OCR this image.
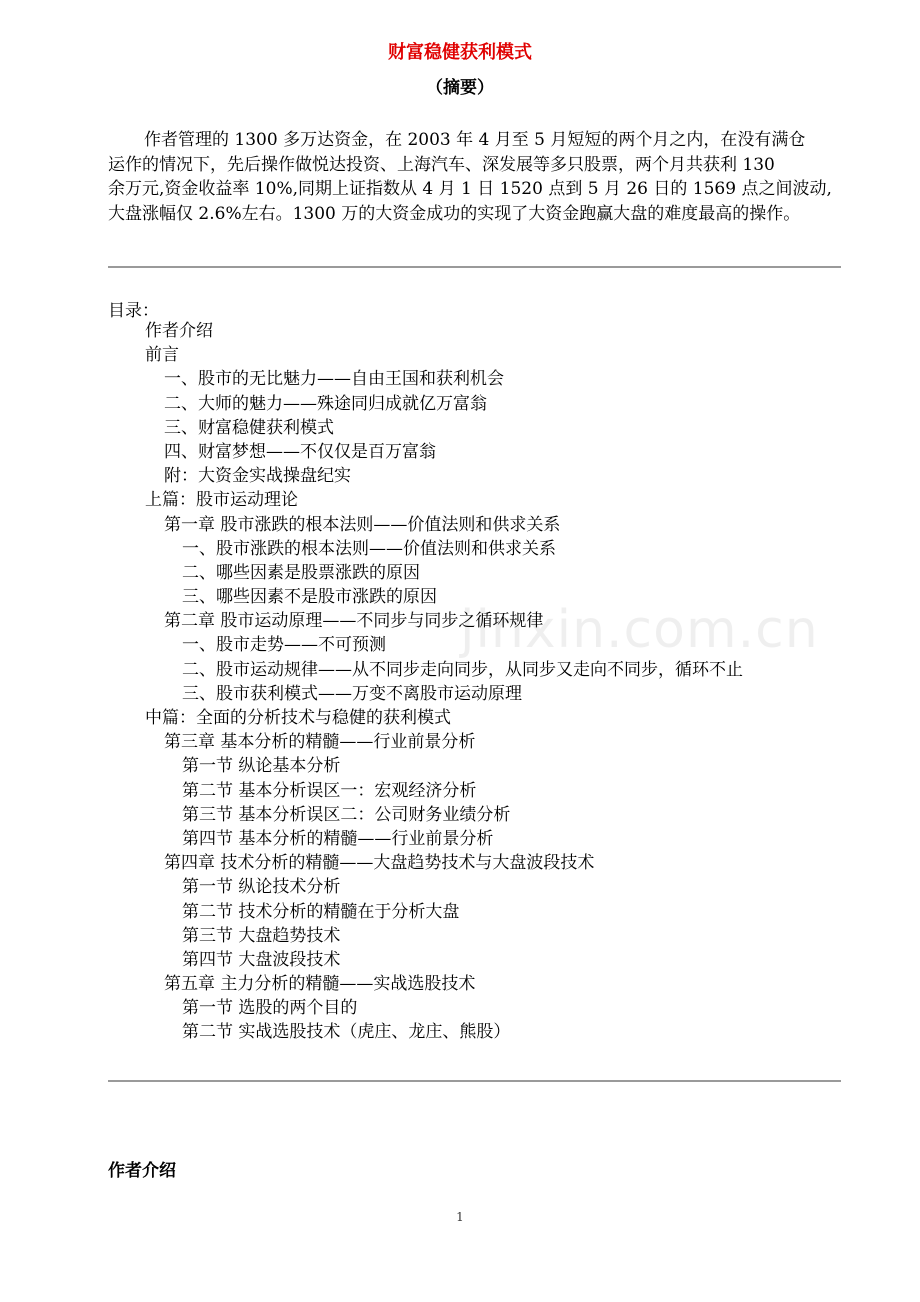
财富稳健获利模式
（摘要）
作者管理的 1300 多万达资金，在 2003 年 4 月至 5 月短短的两个月之内，在没有满仓
运作的情况下，先后操作做悦达投资、上海汽车、深发展等多只股票，两个月共获利 130
余万元,资金收益率 10%,同期上证指数从 4 月 1 日 1520 点到 5 月 26 日的 1569 点之间波动,
大盘涨幅仅 2.6%左右。1300 万的大资金成功的实现了大资金跑赢大盘的难度最高的操作。
目录：
作者介绍
前言
一、股市的无比魅力——自由王国和获利机会
二、大师的魅力——殊途同归成就亿万富翁
三、财富稳健获利模式
四、财富梦想——不仅仅是百万富翁
附：大资金实战操盘纪实
上篇：股市运动理论
第一章 股市涨跌的根本法则——价值法则和供求关系
一、股市涨跌的根本法则——价值法则和供求关系
二、哪些因素是股票涨跌的原因
三、哪些因素不是股市涨跌的原因
第二章 股市运动原理——不同步与同步之循环规律
一、股市走势——不可预测
二、股市运动规律——从不同步走向同步，从同步又走向不同步，循环不止
三、股市获利模式——万变不离股市运动原理
中篇：全面的分析技术与稳健的获利模式
第三章 基本分析的精髓——行业前景分析
第一节 纵论基本分析
第二节 基本分析误区一：宏观经济分析
第三节 基本分析误区二：公司财务业绩分析
第四节 基本分析的精髓——行业前景分析
第四章 技术分析的精髓——大盘趋势技术与大盘波段技术
第一节 纵论技术分析
第二节 技术分析的精髓在于分析大盘
第三节 大盘趋势技术
第四节 大盘波段技术
第五章 主力分析的精髓——实战选股技术
第一节 选股的两个目的
第二节 实战选股技术（虎庄、龙庄、熊股）
作者介绍
jinxin.com.cn
1
